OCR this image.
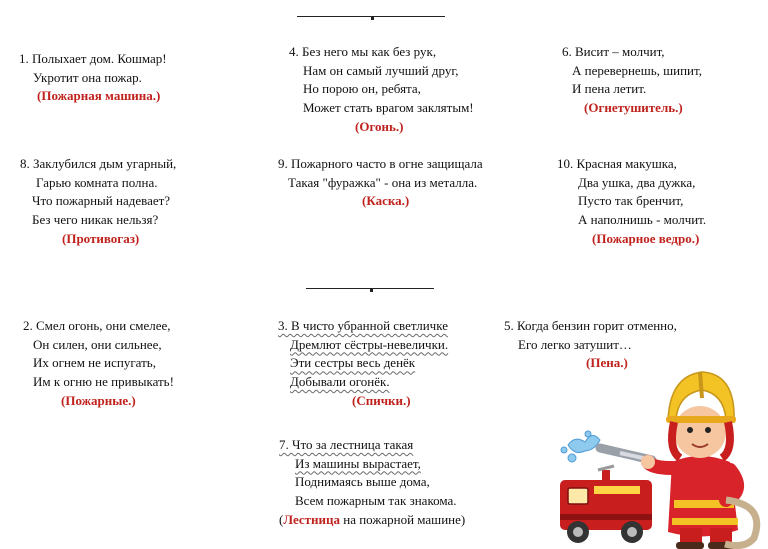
1. Полыхает дом. Кошмар!
Укротит она пожар.
(Пожарная машина.)
4. Без него мы как без рук,
Нам он самый лучший друг,
Но порою он, ребята,
Может стать врагом заклятым!
(Огонь.)
6. Висит – молчит,
А перевернешь, шипит,
И пена летит.
(Огнетушитель.)
8. Заклубился дым угарный,
Гарью комната полна.
Что пожарный надевает?
Без чего никак нельзя?
(Противогаз)
9. Пожарного часто в огне защищала
Такая "фуражка" - она из металла.
(Каска.)
10. Красная макушка,
Два ушка, два дужка,
Пусто так бренчит,
А наполнишь - молчит.
(Пожарное ведро.)
2. Смел огонь, они смелее,
Он силен, они сильнее,
Их огнем не испугать,
Им к огню не привыкать!
(Пожарные.)
3. В чисто убранной светличке
Дремлют сёстры-невелички.
Эти сестры весь денёк
Добывали огонёк.
(Спички.)
5. Когда бензин горит отменно,
Его легко затушит…
(Пена.)
7. Что за лестница такая
Из машины вырастает,
Поднимаясь выше дома,
Всем пожарным так знакома.
(Лестница на пожарной машине)
